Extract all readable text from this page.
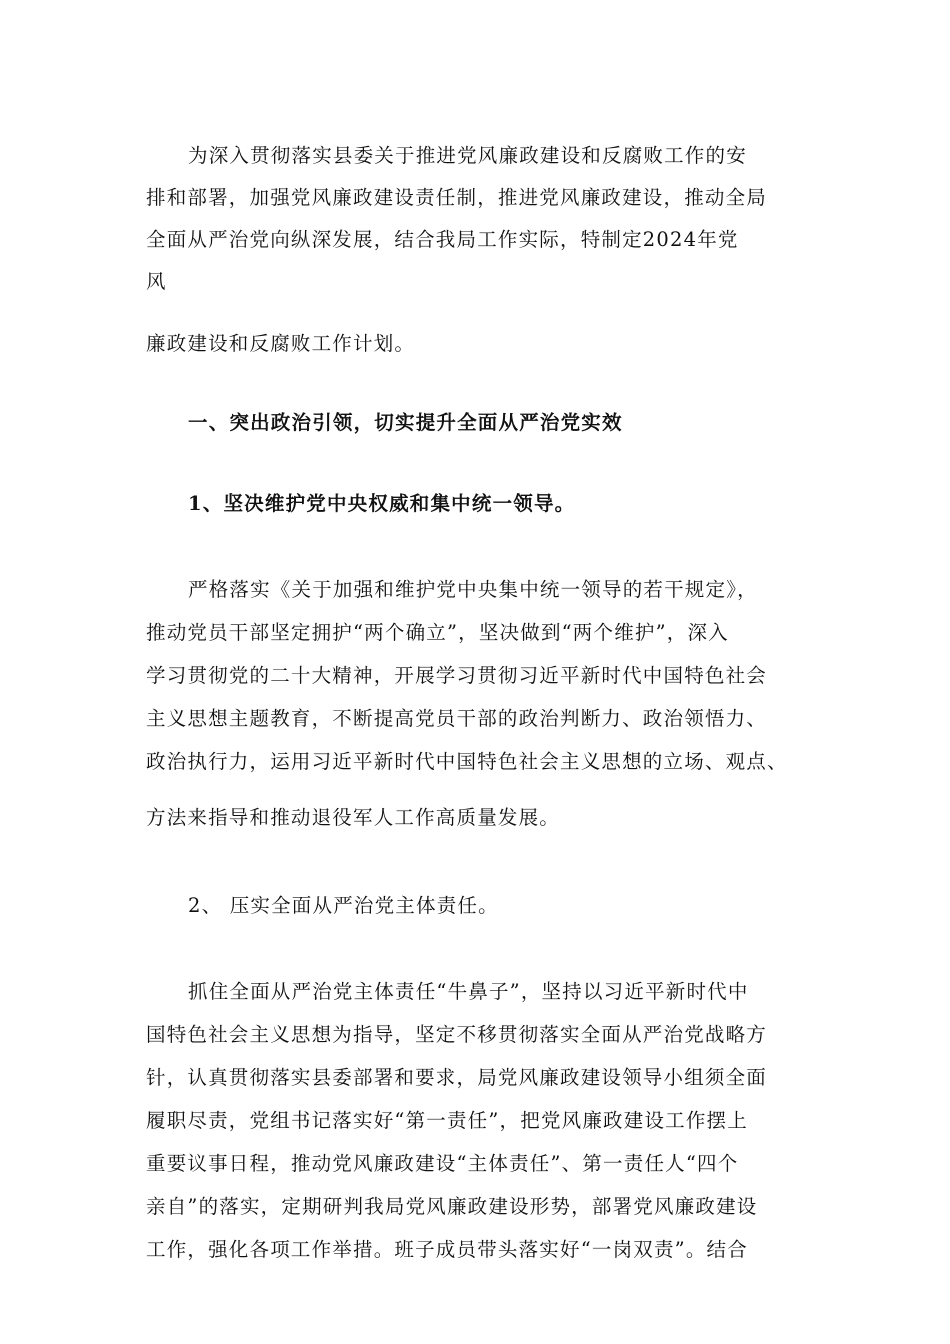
为深入贯彻落实县委关于推进党风廉政建设和反腐败工作的安
排和部署，加强党风廉政建设责任制，推进党风廉政建设，推动全局
全面从严治党向纵深发展，结合我局工作实际，特制定2024年党
风
廉政建设和反腐败工作计划。
一、突出政治引领，切实提升全面从严治党实效
1、坚决维护党中央权威和集中统一领导。
严格落实《关于加强和维护党中央集中统一领导的若干规定》，
推动党员干部坚定拥护“两个确立”，坚决做到“两个维护”，深入
学习贯彻党的二十大精神，开展学习贯彻习近平新时代中国特色社会
主义思想主题教育，不断提高党员干部的政治判断力、政治领悟力、
政治执行力，运用习近平新时代中国特色社会主义思想的立场、观点、
方法来指导和推动退役军人工作高质量发展。
2、 压实全面从严治党主体责任。
抓住全面从严治党主体责任“牛鼻子”，坚持以习近平新时代中
国特色社会主义思想为指导，坚定不移贯彻落实全面从严治党战略方
针，认真贯彻落实县委部署和要求，局党风廉政建设领导小组须全面
履职尽责，党组书记落实好“第一责任”，把党风廉政建设工作摆上
重要议事日程，推动党风廉政建设“主体责任”、第一责任人“四个
亲自”的落实，定期研判我局党风廉政建设形势，部署党风廉政建设
工作，强化各项工作举措。班子成员带头落实好“一岗双责”。结合
